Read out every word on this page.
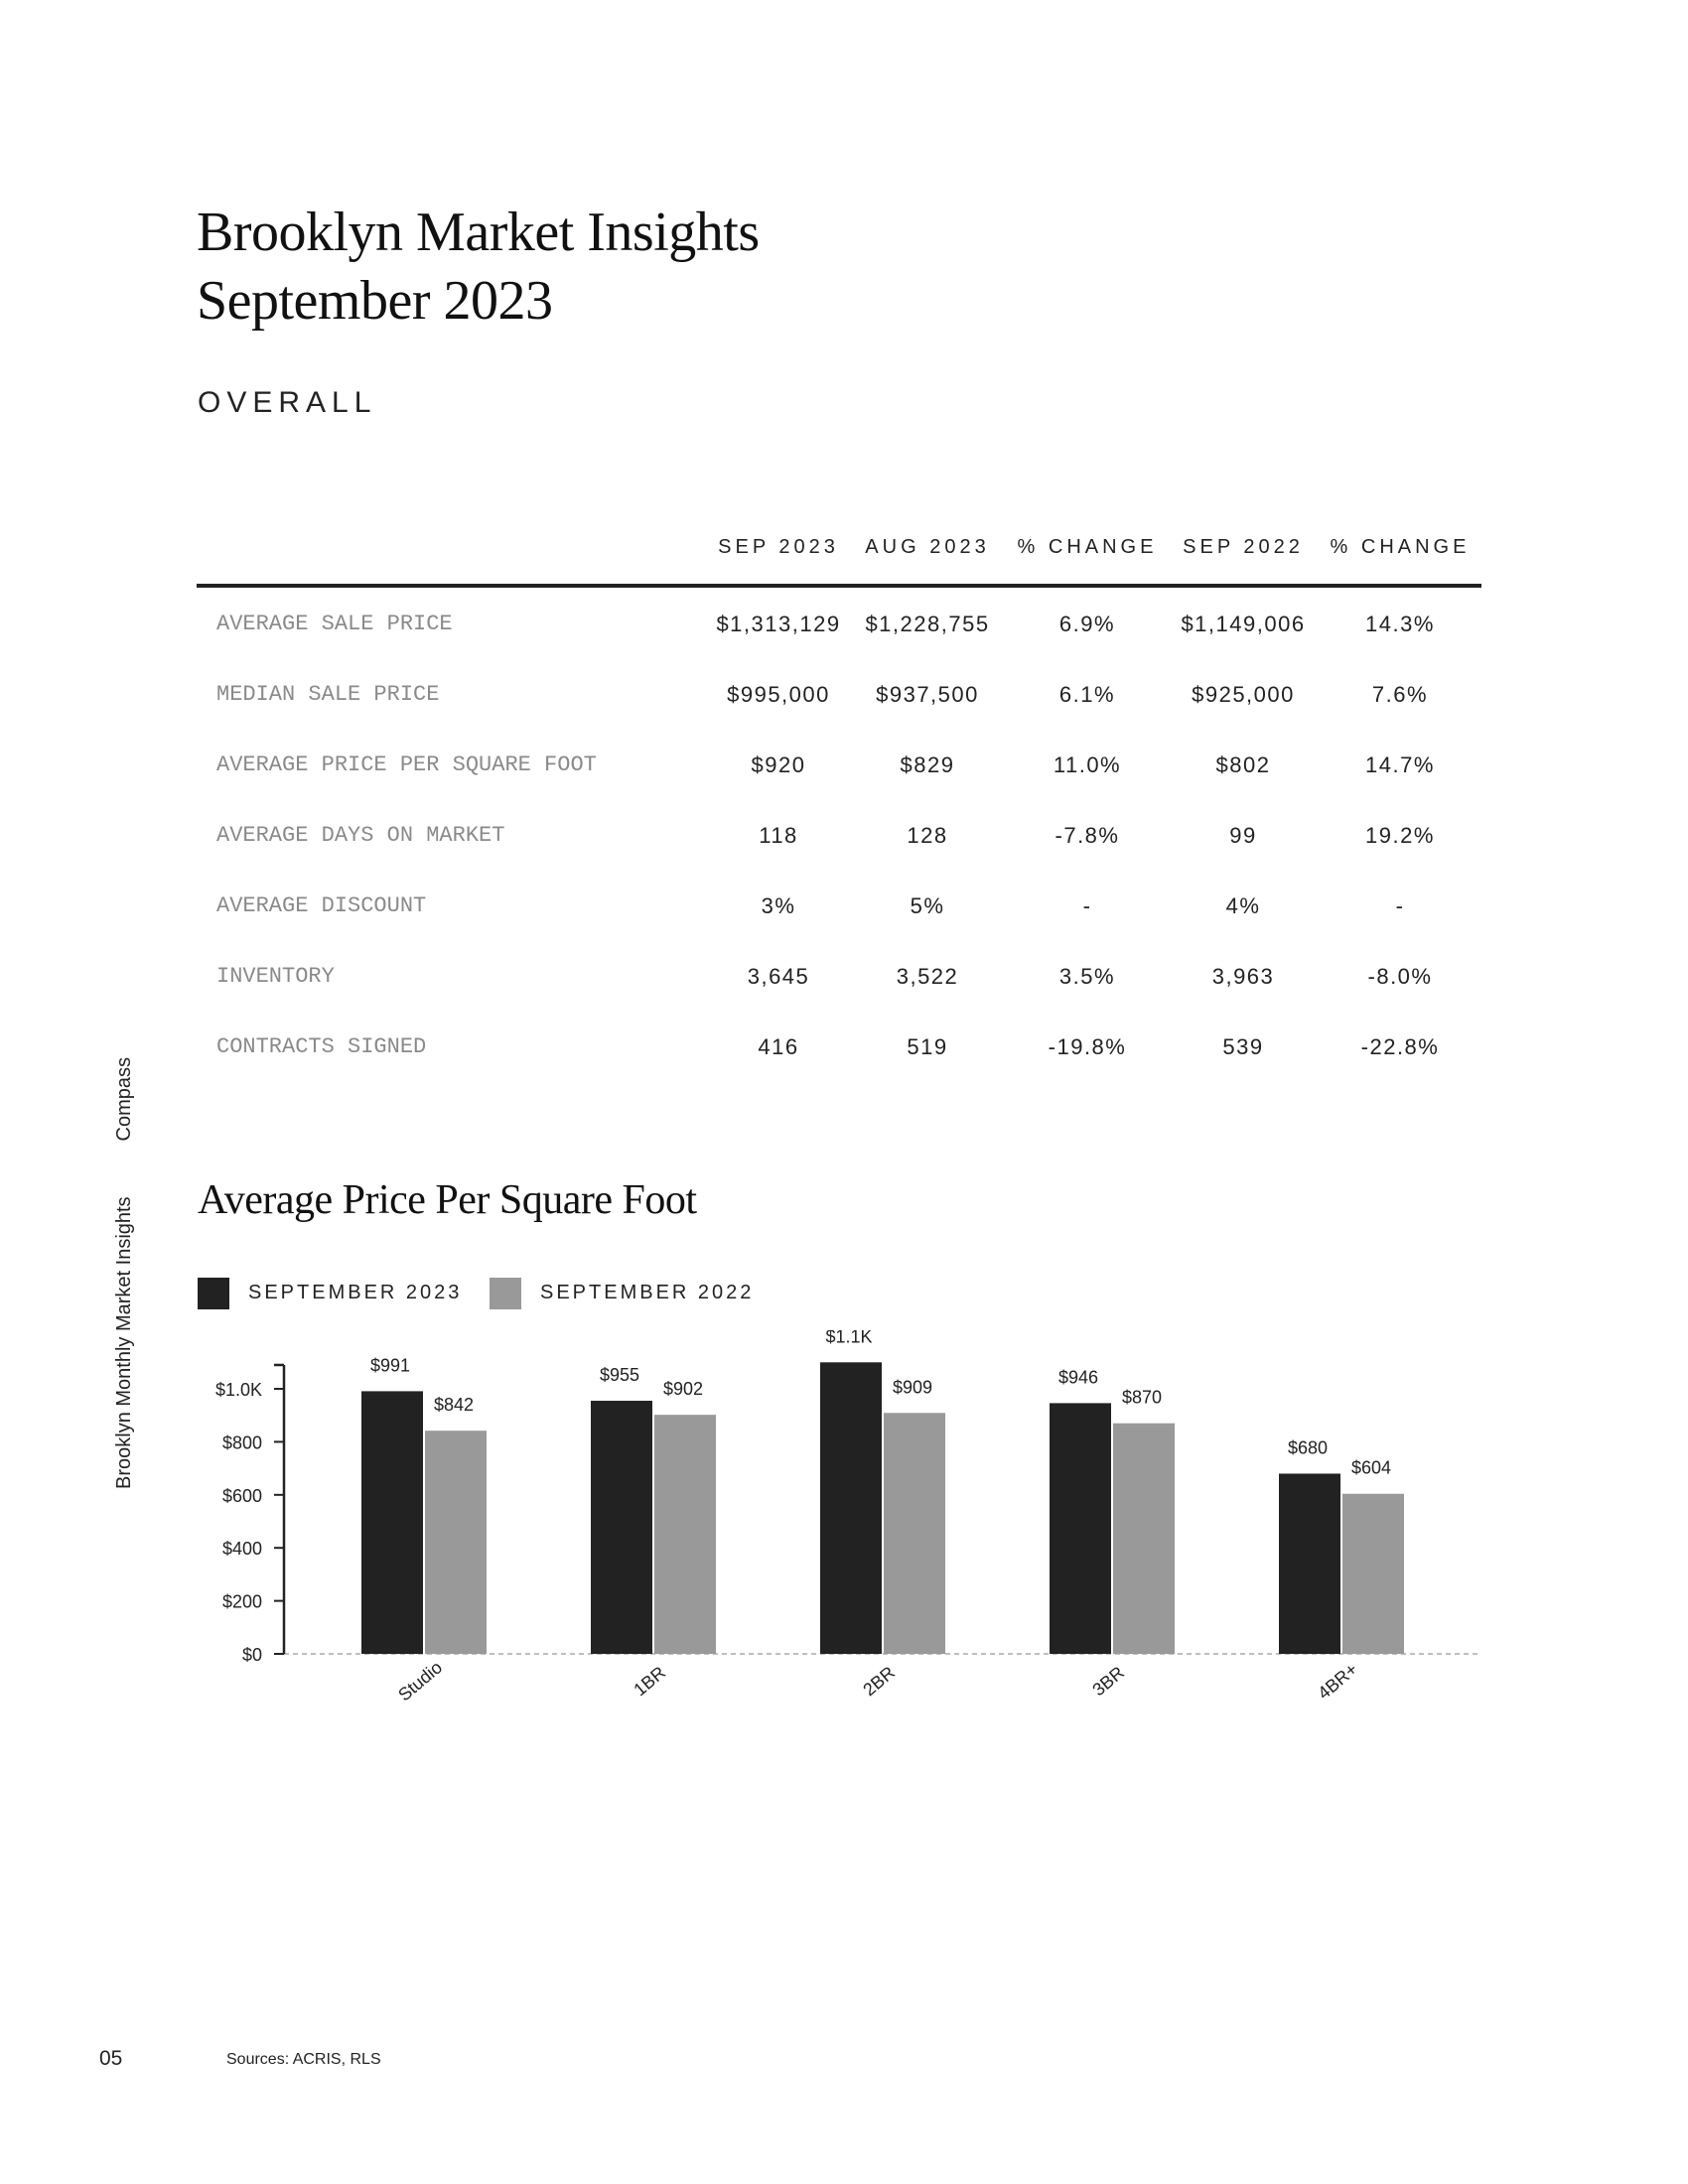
Brooklyn Market Insights
September 2023
OVERALL
SEP 2023 AUG 2023 % CHANGE SEP 2022 % CHANGE
AVERAGE SALE PRICE	$1,313,129 $1,228,755	6.9%	$1,149,006	14.3%
MEDIAN SALE PRICE	$995,000 $937,500	6.1%	$925,000	7.6%
AVERAGE PRICE PER SQUARE FOOT	$920	$829	11.0%	$802	14.7%
AVERAGE DAYS ON MARKET	118	128	-7.8%	99	19.2%
AVERAGE DISCOUNT	3%	5%	-	4%	-
INVENTORY	3,645	3,522	3.5%	3,963	-8.0%
CONTRACTS SIGNED	416	519	-19.8%	539	-22.8%
Average Price Per Square Foot
SEPTEMBER 2023	SEPTEMBER 2022
$0
$200
$400
$600
$800
$1.0K
$991
$842
Studio
$955
$902
1BR
$1.1K
$909
2BR
$946
$870
3BR
$680
$604
4BR+
Brooklyn Monthly Market InsightsCompass
05	Sources: ACRIS, RLS
